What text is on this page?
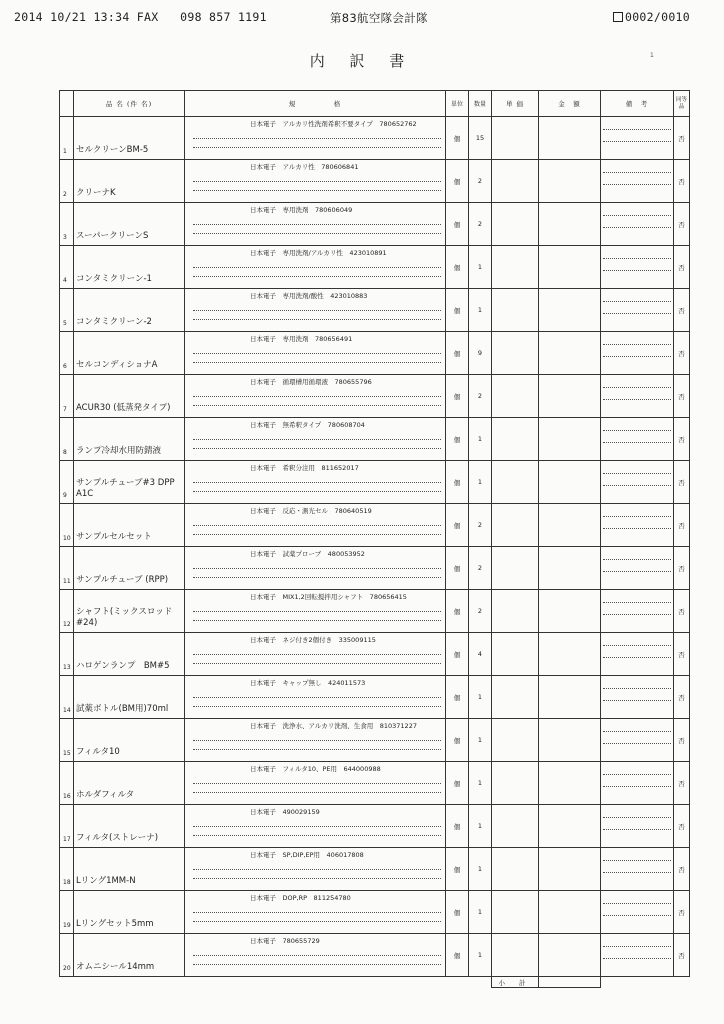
2014 10/21 13:34 FAX 098 857 1191	第83航空隊会計隊	0002/0010
内 訳 書	1
	品 名 (件 名)	規　　　　　格	単位	数量	単 価	金　額	備　考	同等品

1	セルクリーンBM-5	日本電子　アルカリ性洗剤希釈不要タイプ　780652762	個	15				否

2	クリーナK	日本電子　アルカリ性　780606841	個	2				否

3	スーパークリーンS	日本電子　専用洗剤　780606049	個	2				否

4	コンタミクリーン-1	日本電子　専用洗剤/アルカリ性　423010891	個	1				否

5	コンタミクリーン-2	日本電子　専用洗剤/酸性　423010883	個	1				否

6	セルコンディショナA	日本電子　専用洗剤　780656491	個	9				否

7	ACUR30 (低蒸発タイプ)	日本電子　循環槽用循環液　780655796	個	2				否

8	ランプ冷却水用防錆液	日本電子　無希釈タイプ　780608704	個	1				否

9	サンプルチューブ#3 DPP A1C	日本電子　希釈分注用　811652017	個	1				否

10	サンプルセルセット	日本電子　反応・測光セル　780640519	個	2				否

11	サンプルチューブ (RPP)	日本電子　試薬プローブ　480053952	個	2				否

12	シャフト(ミックスロッド#24)	日本電子　MIX1,2回転撹拌用シャフト　780656415	個	2				否

13	ハロゲンランプ　BM#5	日本電子　ネジ付き2個付き　335009115	個	4				否

14	試薬ボトル(BM用)70ml	日本電子　キャップ無し　424011573	個	1				否

15	フィルタ10	日本電子　洗浄水、アルカリ洗剤、生食用　810371227	個	1				否

16	ホルダフィルタ	日本電子　フィルタ10、PE用　644000988	個	1				否

17	フィルタ(ストレーナ)	日本電子　490029159	個	1				否

18	Lリング1MM-N	日本電子　SP,DIP,EP用　406017808	個	1				否

19	Lリングセット5mm	日本電子　DOP,RP　811254780	個	1				否

20	オムニシール14mm	日本電子　780655729	個	1				否
					小 計			
